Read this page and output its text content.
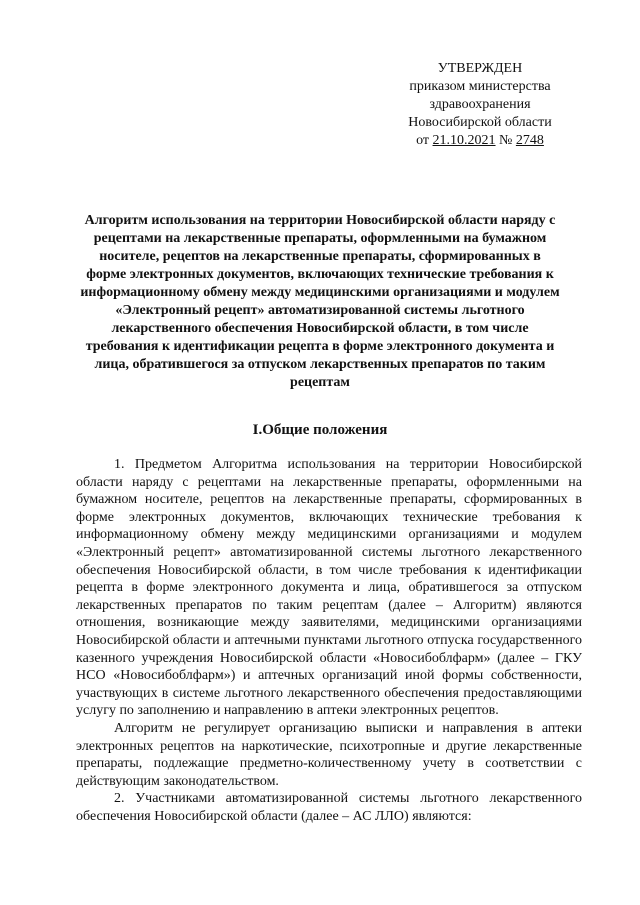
УТВЕРЖДЕН
приказом министерства
здравоохранения
Новосибирской области
от 21.10.2021 № 2748
Алгоритм использования на территории Новосибирской области наряду с рецептами на лекарственные препараты, оформленными на бумажном носителе, рецептов на лекарственные препараты, сформированных в форме электронных документов, включающих технические требования к информационному обмену между медицинскими организациями и модулем «Электронный рецепт» автоматизированной системы льготного лекарственного обеспечения Новосибирской области, в том числе требования к идентификации рецепта в форме электронного документа и лица, обратившегося за отпуском лекарственных препаратов по таким рецептам
I.Общие положения

1. Предметом Алгоритма использования на территории Новосибирской области наряду с рецептами на лекарственные препараты, оформленными на бумажном носителе, рецептов на лекарственные препараты, сформированных в форме электронных документов, включающих технические требования к информационному обмену между медицинскими организациями и модулем «Электронный рецепт» автоматизированной системы льготного лекарственного обеспечения Новосибирской области, в том числе требования к идентификации рецепта в форме электронного документа и лица, обратившегося за отпуском лекарственных препаратов по таким рецептам (далее – Алгоритм) являются отношения, возникающие между заявителями, медицинскими организациями Новосибирской области и аптечными пунктами льготного отпуска государственного казенного учреждения Новосибирской области «Новосибоблфарм» (далее – ГКУ НСО «Новосибоблфарм») и аптечных организаций иной формы собственности, участвующих в системе льготного лекарственного обеспечения предоставляющими услугу по заполнению и направлению в аптеки электронных рецептов.

Алгоритм не регулирует организацию выписки и направления в аптеки электронных рецептов на наркотические, психотропные и другие лекарственные препараты, подлежащие предметно-количественному учету в соответствии с действующим законодательством.

2. Участниками автоматизированной системы льготного лекарственного обеспечения Новосибирской области (далее – АС ЛЛО) являются:
